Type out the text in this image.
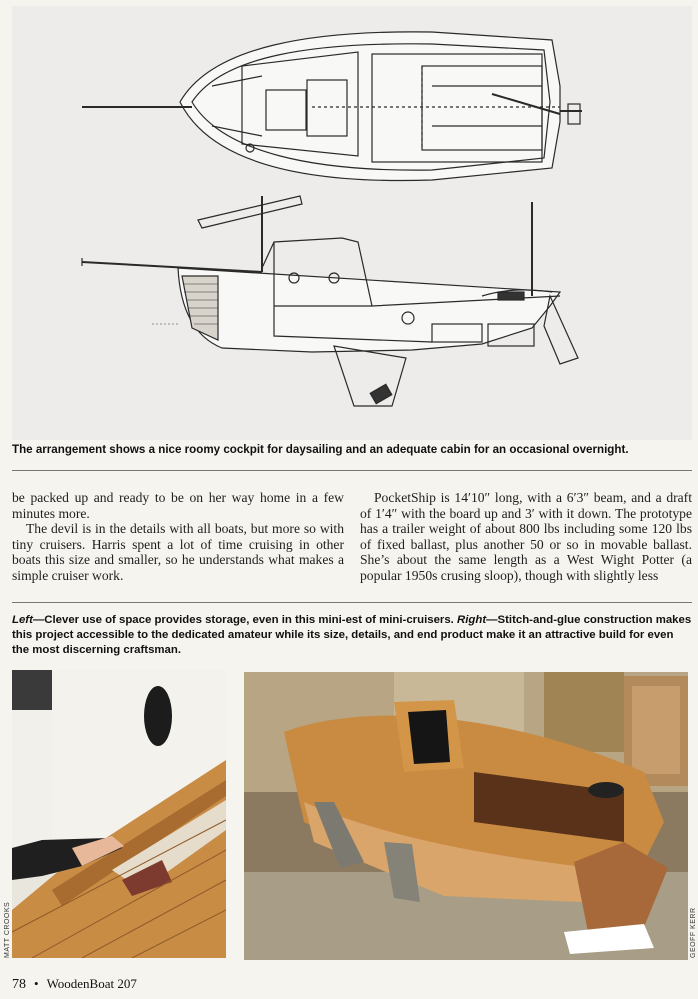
The arrangement shows a nice roomy cockpit for daysailing and an adequate cabin for an occasional overnight.

be packed up and ready to be on her way home in a few minutes more.

The devil is in the details with all boats, but more so with tiny cruisers. Harris spent a lot of time cruising in other boats this size and smaller, so he understands what makes a simple cruiser work.

PocketShip is 14′10″ long, with a 6′3″ beam, and a draft of 1′4″ with the board up and 3′ with it down. The prototype has a trailer weight of about 800 lbs including some 120 lbs of fixed ballast, plus another 50 or so in movable ballast. She’s about the same length as a West Wight Potter (a popular 1950s crusing sloop), though with slightly less

Left—Clever use of space provides storage, even in this mini-est of mini-cruisers. Right—Stitch-and-glue construction makes this project accessible to the dedicated amateur while its size, details, and end product make it an attractive build for even the most discerning craftsman.
MATT CROOKS	GEOFF KERR
78 • WoodenBoat 207
